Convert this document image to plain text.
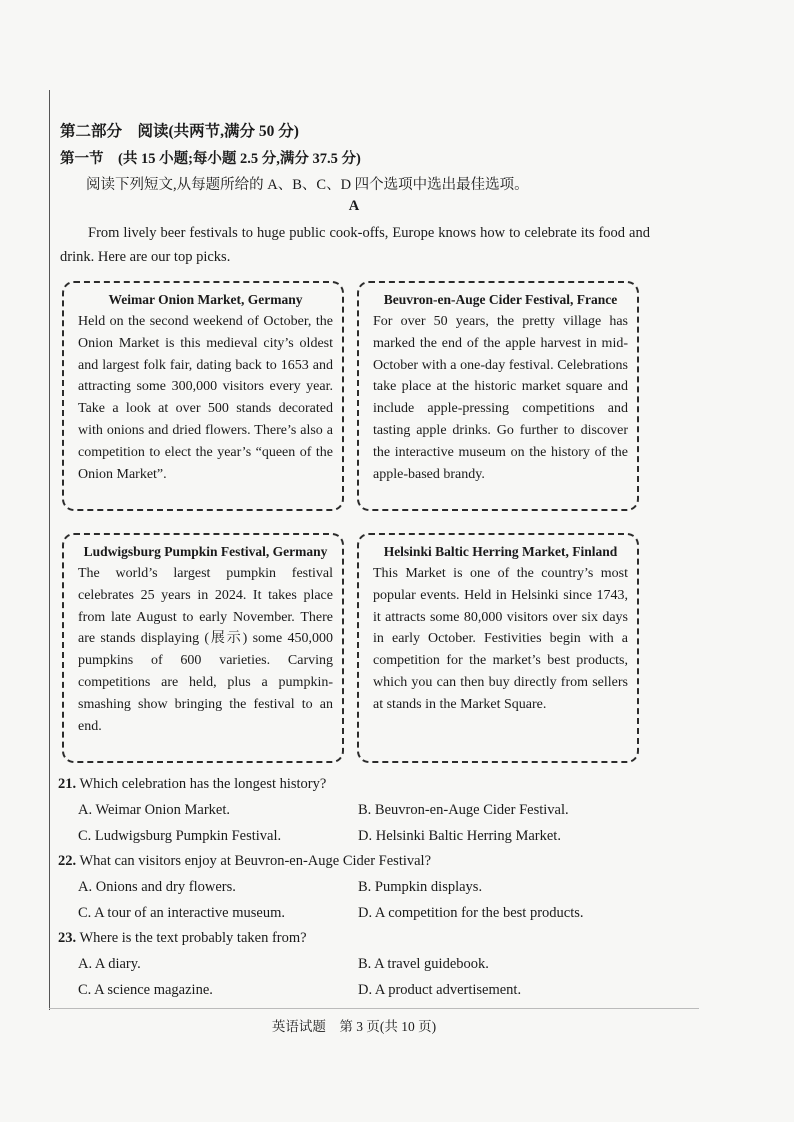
第二部分　阅读(共两节,满分 50 分)
第一节　(共 15 小题;每小题 2.5 分,满分 37.5 分)
阅读下列短文,从每题所给的 A、B、C、D 四个选项中选出最佳选项。
A
From lively beer festivals to huge public cook-offs, Europe knows how to celebrate its food and drink. Here are our top picks.
Weimar Onion Market, Germany
Held on the second weekend of October, the Onion Market is this medieval city’s oldest and largest folk fair, dating back to 1653 and attracting some 300,000 visitors every year. Take a look at over 500 stands decorated with onions and dried flowers. There’s also a competition to elect the year’s “queen of the Onion Market”.
Beuvron-en-Auge Cider Festival, France
For over 50 years, the pretty village has marked the end of the apple harvest in mid-October with a one-day festival. Celebrations take place at the historic market square and include apple-pressing competitions and tasting apple drinks. Go further to discover the interactive museum on the history of the apple-based brandy.
Ludwigsburg Pumpkin Festival, Germany
The world’s largest pumpkin festival celebrates 25 years in 2024. It takes place from late August to early November. There are stands displaying (展示) some 450,000 pumpkins of 600 varieties. Carving competitions are held, plus a pumpkin-smashing show bringing the festival to an end.
Helsinki Baltic Herring Market, Finland
This Market is one of the country’s most popular events. Held in Helsinki since 1743, it attracts some 80,000 visitors over six days in early October. Festivities begin with a competition for the market’s best products, which you can then buy directly from sellers at stands in the Market Square.
21. Which celebration has the longest history?
A. Weimar Onion Market.	B. Beuvron-en-Auge Cider Festival.
C. Ludwigsburg Pumpkin Festival.	D. Helsinki Baltic Herring Market.
22. What can visitors enjoy at Beuvron-en-Auge Cider Festival?
A. Onions and dry flowers.	B. Pumpkin displays.
C. A tour of an interactive museum.	D. A competition for the best products.
23. Where is the text probably taken from?
A. A diary.	B. A travel guidebook.
C. A science magazine.	D. A product advertisement.
英语试题　第 3 页(共 10 页)
